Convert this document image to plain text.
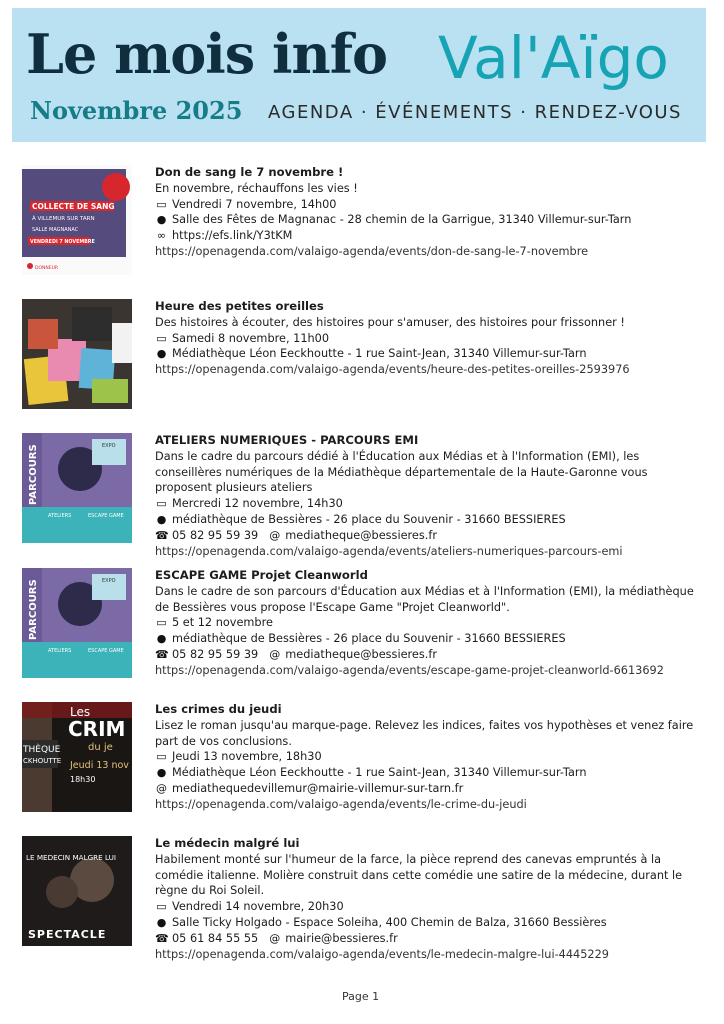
Le mois info Val'Aïgo
Novembre 2025 AGENDA · ÉVÉNEMENTS · RENDEZ-VOUS
COLLECTE DE SANG
À VILLEMUR SUR TARN
SALLE MAGNANAC
VENDREDI 7 NOVEMBRE
DONNEUR
Don de sang le 7 novembre !
En novembre, réchauffons les vies !
▭ Vendredi 7 novembre, 14h00
● Salle des Fêtes de Magnanac - 28 chemin de la Garrigue, 31340 Villemur-sur-Tarn
∞ https://efs.link/Y3tKM
https://openagenda.com/valaigo-agenda/events/don-de-sang-le-7-novembre
Heure des petites oreilles
Des histoires à écouter, des histoires pour s'amuser, des histoires pour frissonner !
▭ Samedi 8 novembre, 11h00
● Médiathèque Léon Eeckhoutte - 1 rue Saint-Jean, 31340 Villemur-sur-Tarn
https://openagenda.com/valaigo-agenda/events/heure-des-petites-oreilles-2593976
PARCOURS	EXPO
ATELIERS	ESCAPE GAME
ATELIERS NUMERIQUES - PARCOURS EMI
Dans le cadre du parcours dédié à l'Éducation aux Médias et à l'Information (EMI), les conseillères numériques de la Médiathèque départementale de la Haute-Garonne vous proposent plusieurs ateliers
▭ Mercredi 12 novembre, 14h30
● médiathèque de Bessières - 26 place du Souvenir - 31660 BESSIERES
☎ 05 82 95 59 39 @ mediatheque@bessieres.fr
https://openagenda.com/valaigo-agenda/events/ateliers-numeriques-parcours-emi
PARCOURS	EXPO
ATELIERS	ESCAPE GAME
ESCAPE GAME Projet Cleanworld
Dans le cadre de son parcours d'Éducation aux Médias et à l'Information (EMI), la médiathèque de Bessières vous propose l'Escape Game "Projet Cleanworld".
▭ 5 et 12 novembre
● médiathèque de Bessières - 26 place du Souvenir - 31660 BESSIERES
☎ 05 82 95 59 39 @ mediatheque@bessieres.fr
https://openagenda.com/valaigo-agenda/events/escape-game-projet-cleanworld-6613692
Les
CRIM
du je
THÈQUE
CKHOUTTE Jeudi 13 nov
18h30
Les crimes du jeudi
Lisez le roman jusqu'au marque-page. Relevez les indices, faites vos hypothèses et venez faire part de vos conclusions.
▭ Jeudi 13 novembre, 18h30
● Médiathèque Léon Eeckhoutte - 1 rue Saint-Jean, 31340 Villemur-sur-Tarn
@ mediathequedevillemur@mairie-villemur-sur-tarn.fr
https://openagenda.com/valaigo-agenda/events/le-crime-du-jeudi
LE MEDECIN MALGRE LUI
SPECTACLE
Le médecin malgré lui
Habilement monté sur l'humeur de la farce, la pièce reprend des canevas empruntés à la comédie italienne. Molière construit dans cette comédie une satire de la médecine, durant le règne du Roi Soleil.
▭ Vendredi 14 novembre, 20h30
● Salle Ticky Holgado - Espace Soleiha, 400 Chemin de Balza, 31660 Bessières
☎ 05 61 84 55 55 @ mairie@bessieres.fr
https://openagenda.com/valaigo-agenda/events/le-medecin-malgre-lui-4445229
Page 1
